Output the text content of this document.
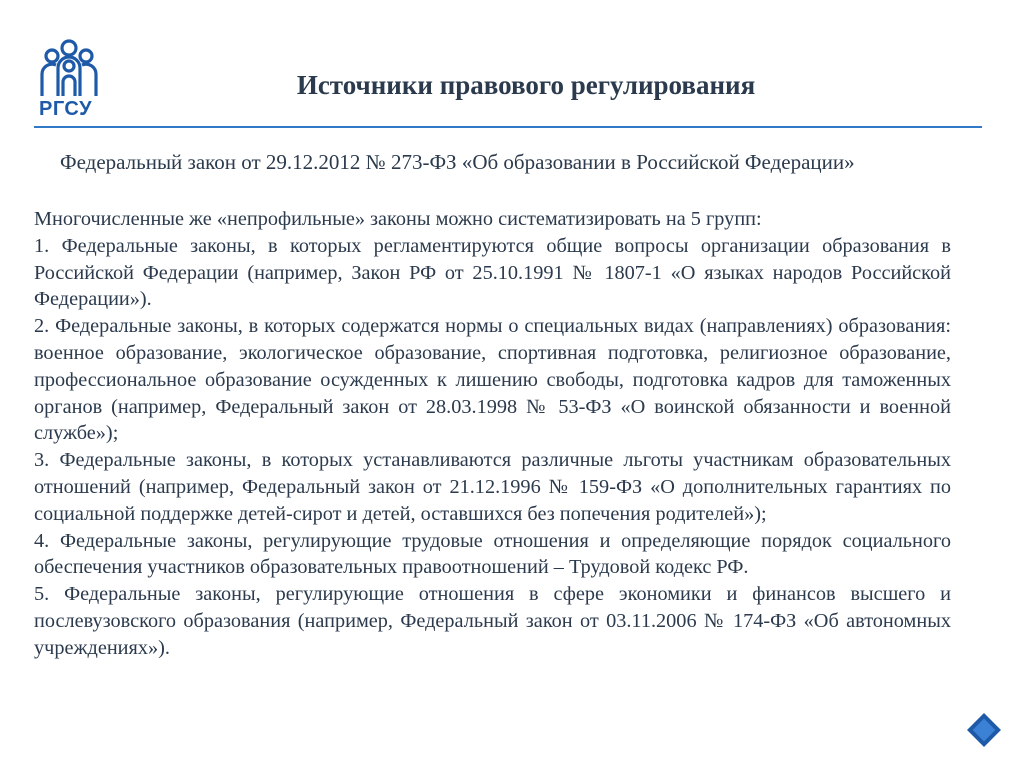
РГСУ
Источники правового регулирования
Федеральный закон от 29.12.2012 № 273-ФЗ «Об образовании в Российской Федерации»

Многочисленные же «непрофильные» законы можно систематизировать на 5 групп:

1. Федеральные законы, в которых регламентируются общие вопросы организации образования в Российской Федерации (например, Закон РФ от 25.10.1991 № 1807-1 «О языках народов Российской Федерации»).

2. Федеральные законы, в которых содержатся нормы о специальных видах (направлениях) образования: военное образование, экологическое образование, спортивная подготовка, религиозное образование, профессиональное образование осужденных к лишению свободы, подготовка кадров для таможенных органов (например, Федеральный закон от 28.03.1998 № 53-ФЗ «О воинской обязанности и военной службе»);

3. Федеральные законы, в которых устанавливаются различные льготы участникам образовательных отношений (например, Федеральный закон от 21.12.1996 № 159-ФЗ «О дополнительных гарантиях по социальной поддержке детей-сирот и детей, оставшихся без попечения родителей»);

4. Федеральные законы, регулирующие трудовые отношения и определяющие порядок социального обеспечения участников образовательных правоотношений – Трудовой кодекс РФ.

5. Федеральные законы, регулирующие отношения в сфере экономики и финансов высшего и послевузовского образования (например, Федеральный закон от 03.11.2006 № 174-ФЗ «Об автономных учреждениях»).
